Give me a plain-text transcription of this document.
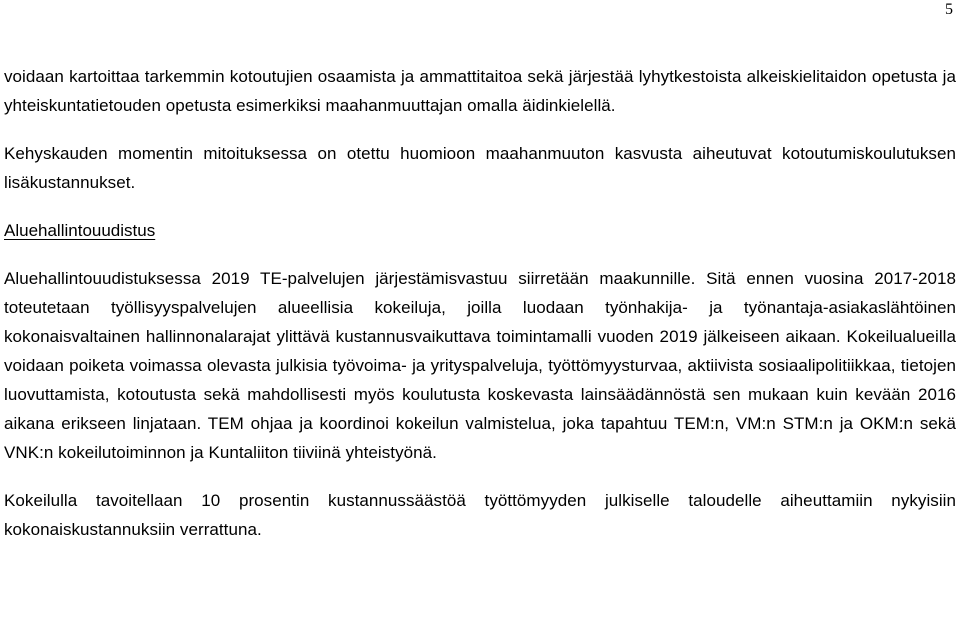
5

voidaan kartoittaa tarkemmin kotoutujien osaamista ja ammattitaitoa sekä järjestää lyhytkestoista alkeiskielitaidon opetusta ja yhteiskuntatietouden opetusta esimerkiksi maahanmuuttajan omalla äidinkielellä.

Kehyskauden momentin mitoituksessa on otettu huomioon maahanmuuton kasvusta aiheutuvat kotoutumiskoulutuksen lisäkustannukset.

Aluehallintouudistus

Aluehallintouudistuksessa 2019 TE-palvelujen järjestämisvastuu siirretään maakunnille. Sitä ennen vuosina 2017-2018 toteutetaan työllisyyspalvelujen alueellisia kokeiluja, joilla luodaan työnhakija- ja työnantaja-asiakaslähtöinen kokonaisvaltainen hallinnonalarajat ylittävä kustannusvaikuttava toimintamalli vuoden 2019 jälkeiseen aikaan. Kokeilualueilla voidaan poiketa voimassa olevasta julkisia työvoima- ja yrityspalveluja, työttömyysturvaa, aktiivista sosiaalipolitiikkaa, tietojen luovuttamista, kotoutusta sekä mahdollisesti myös koulutusta koskevasta lainsäädännöstä sen mukaan kuin kevään 2016 aikana erikseen linjataan. TEM ohjaa ja koordinoi kokeilun valmistelua, joka tapahtuu TEM:n, VM:n STM:n ja OKM:n sekä VNK:n kokeilutoiminnon ja Kuntaliiton tiiviinä yhteistyönä.

Kokeilulla tavoitellaan 10 prosentin kustannussäästöä työttömyyden julkiselle taloudelle aiheuttamiin nykyisiin kokonaiskustannuksiin verrattuna.
